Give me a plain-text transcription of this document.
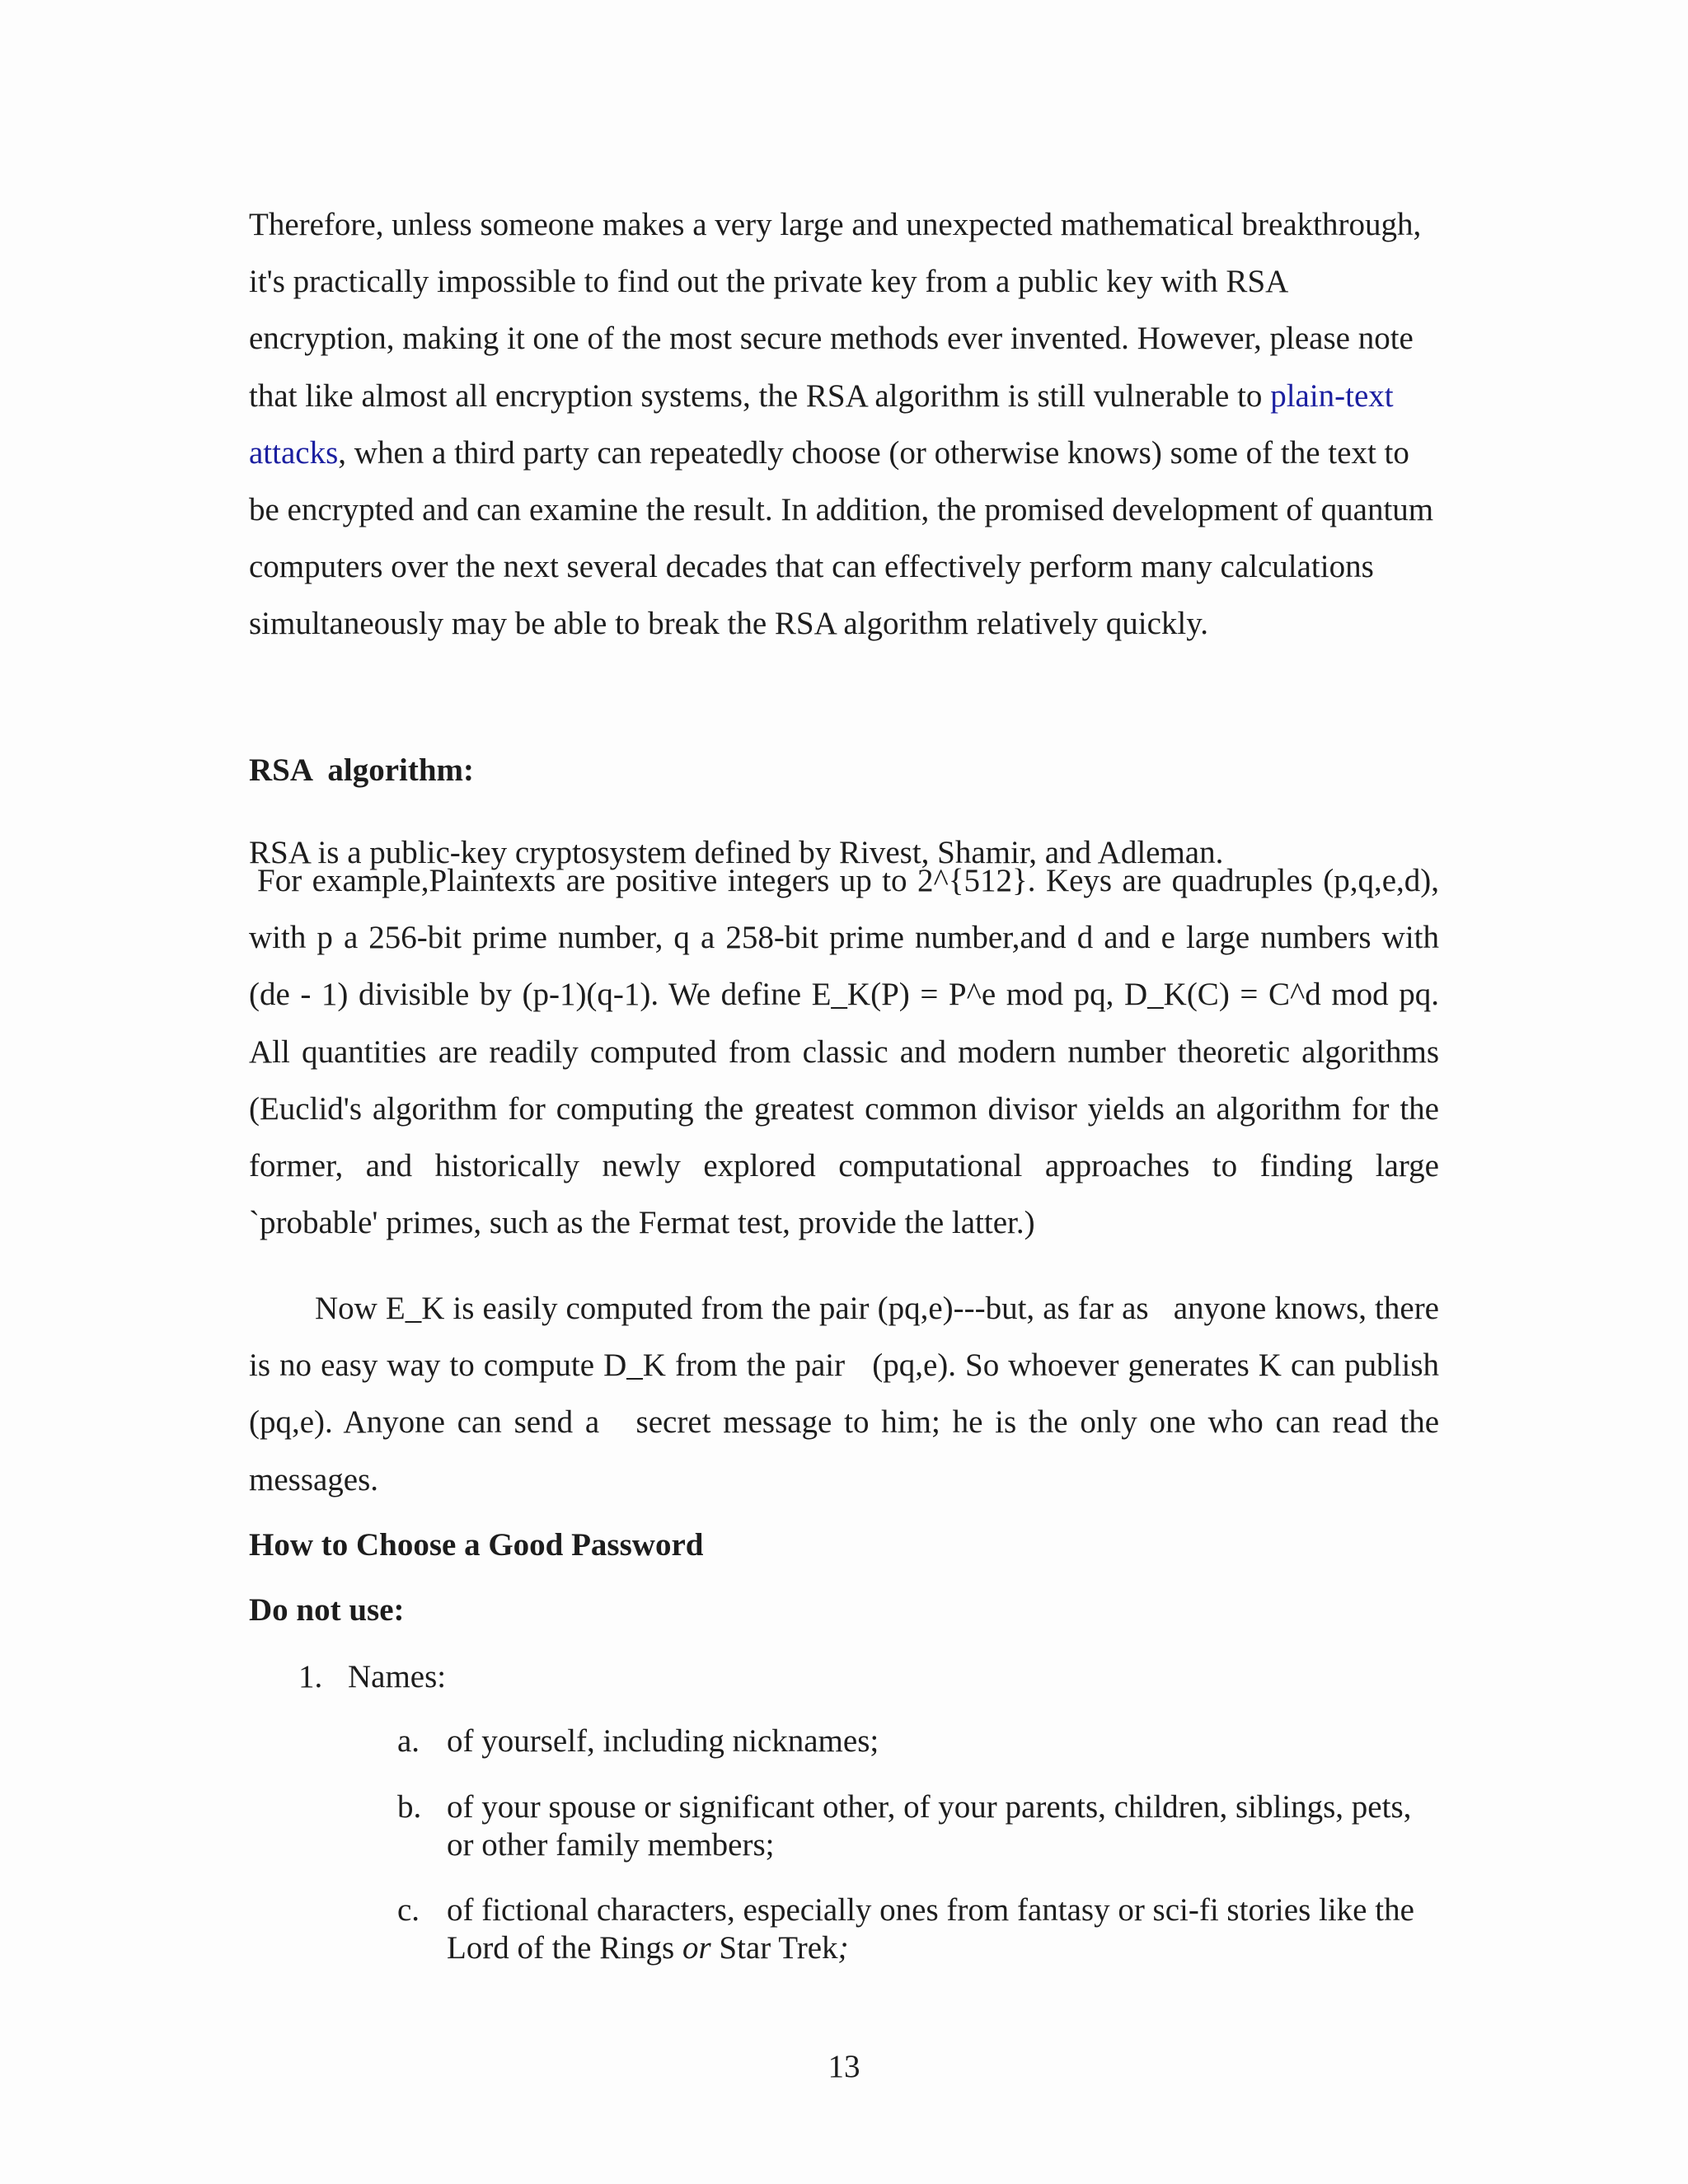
Therefore, unless someone makes a very large and unexpected mathematical breakthrough, it's practically impossible to find out the private key from a public key with RSA encryption, making it one of the most secure methods ever invented. However, please note that like almost all encryption systems, the RSA algorithm is still vulnerable to plain-text attacks, when a third party can repeatedly choose (or otherwise knows) some of the text to be encrypted and can examine the result. In addition, the promised development of quantum computers over the next several decades that can effectively perform many calculations simultaneously may be able to break the RSA algorithm relatively quickly.
RSA  algorithm:
RSA is a public-key cryptosystem defined by Rivest, Shamir, and Adleman.
For example,Plaintexts are positive integers up to 2^{512}. Keys are quadruples (p,q,e,d), with p a 256-bit prime number, q a 258-bit prime number,and d and e large numbers with (de - 1) divisible by (p-1)(q-1). We define E_K(P) = P^e mod pq, D_K(C) = C^d mod pq. All quantities are readily computed from classic and modern number theoretic algorithms (Euclid's algorithm for computing the greatest common divisor yields an algorithm for the former, and historically newly explored computational approaches to finding large `probable' primes, such as the Fermat test, provide the latter.)
Now E_K is easily computed from the pair (pq,e)---but, as far as anyone knows, there is no easy way to compute D_K from the pair (pq,e). So whoever generates K can publish (pq,e). Anyone can send a secret message to him; he is the only one who can read the messages.
How to Choose a Good Password
Do not use:
1. Names:
a. of yourself, including nicknames;
b. of your spouse or significant other, of your parents, children, siblings, pets, or other family members;
c. of fictional characters, especially ones from fantasy or sci-fi stories like the Lord of the Rings or Star Trek;
13
